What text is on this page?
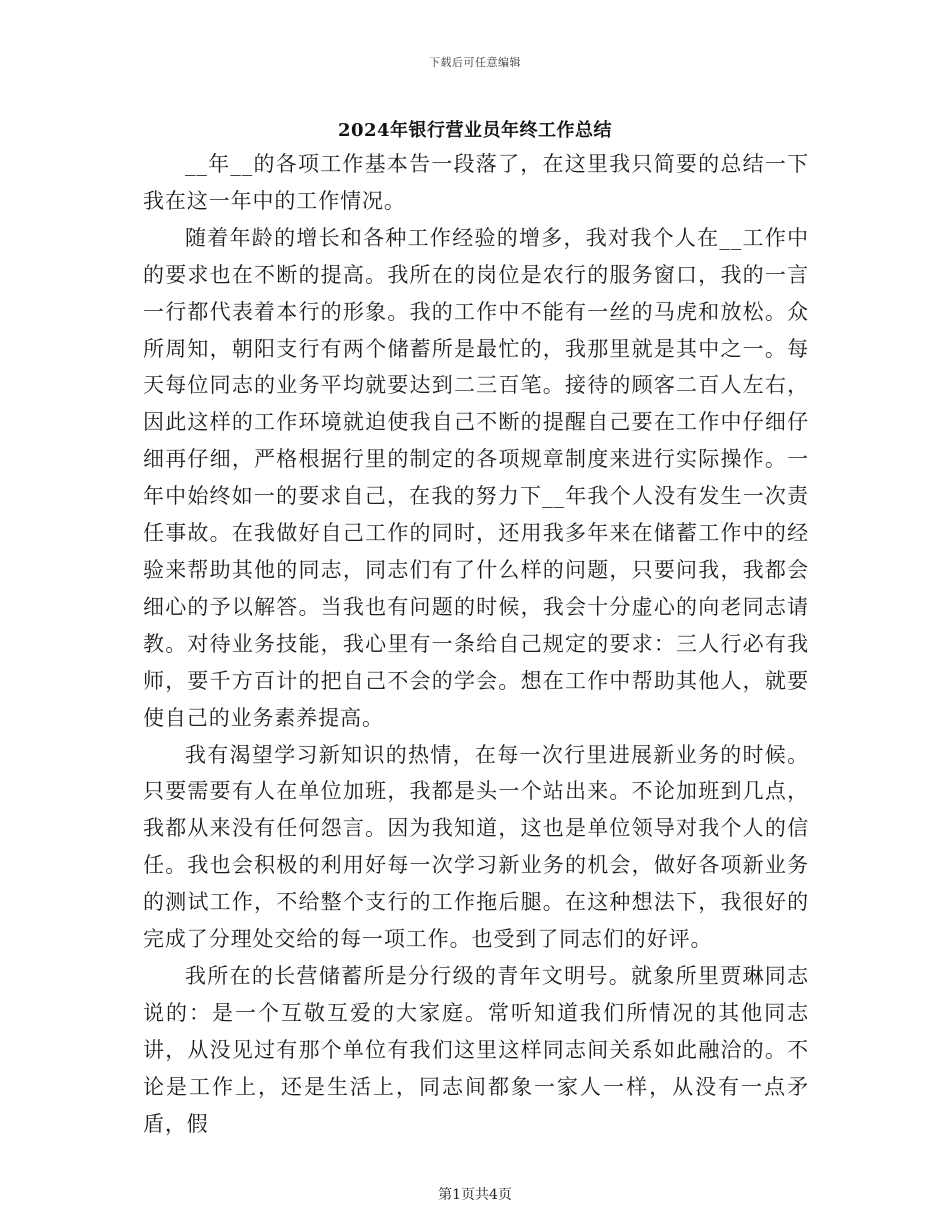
下载后可任意编辑
2024年银行营业员年终工作总结

__年__的各项工作基本告一段落了，在这里我只简要的总结一下我在这一年中的工作情况。

随着年龄的增长和各种工作经验的增多，我对我个人在__工作中的要求也在不断的提高。我所在的岗位是农行的服务窗口，我的一言一行都代表着本行的形象。我的工作中不能有一丝的马虎和放松。众所周知，朝阳支行有两个储蓄所是最忙的，我那里就是其中之一。每天每位同志的业务平均就要达到二三百笔。接待的顾客二百人左右，因此这样的工作环境就迫使我自己不断的提醒自己要在工作中仔细仔细再仔细，严格根据行里的制定的各项规章制度来进行实际操作。一年中始终如一的要求自己，在我的努力下__年我个人没有发生一次责任事故。在我做好自己工作的同时，还用我多年来在储蓄工作中的经验来帮助其他的同志，同志们有了什么样的问题，只要问我，我都会细心的予以解答。当我也有问题的时候，我会十分虚心的向老同志请教。对待业务技能，我心里有一条给自己规定的要求：三人行必有我师，要千方百计的把自己不会的学会。想在工作中帮助其他人，就要使自己的业务素养提高。

我有渴望学习新知识的热情，在每一次行里进展新业务的时候。只要需要有人在单位加班，我都是头一个站出来。不论加班到几点，我都从来没有任何怨言。因为我知道，这也是单位领导对我个人的信任。我也会积极的利用好每一次学习新业务的机会，做好各项新业务的测试工作，不给整个支行的工作拖后腿。在这种想法下，我很好的完成了分理处交给的每一项工作。也受到了同志们的好评。

我所在的长营储蓄所是分行级的青年文明号。就象所里贾琳同志说的：是一个互敬互爱的大家庭。常听知道我们所情况的其他同志讲，从没见过有那个单位有我们这里这样同志间关系如此融洽的。不论是工作上，还是生活上，同志间都象一家人一样，从没有一点矛盾，假

第1页共4页
